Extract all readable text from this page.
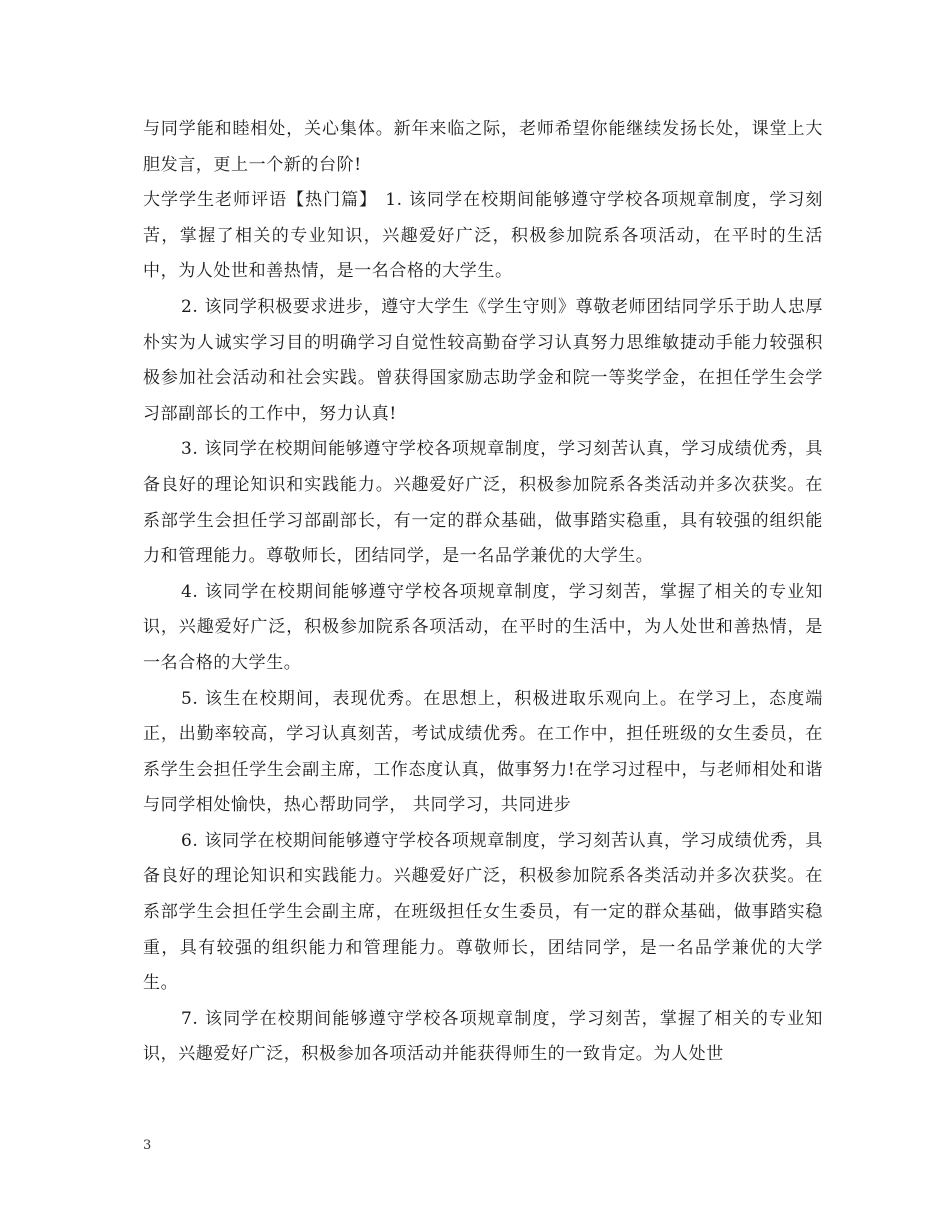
与同学能和睦相处，关心集体。新年来临之际，老师希望你能继续发扬长处，课堂上大胆发言，更上一个新的台阶!

大学学生老师评语【热门篇】 1. 该同学在校期间能够遵守学校各项规章制度，学习刻苦，掌握了相关的专业知识，兴趣爱好广泛，积极参加院系各项活动，在平时的生活中，为人处世和善热情，是一名合格的大学生。

2. 该同学积极要求进步，遵守大学生《学生守则》尊敬老师团结同学乐于助人忠厚朴实为人诚实学习目的明确学习自觉性较高勤奋学习认真努力思维敏捷动手能力较强积极参加社会活动和社会实践。曾获得国家励志助学金和院一等奖学金，在担任学生会学习部副部长的工作中，努力认真!

3. 该同学在校期间能够遵守学校各项规章制度，学习刻苦认真，学习成绩优秀，具备良好的理论知识和实践能力。兴趣爱好广泛，积极参加院系各类活动并多次获奖。在系部学生会担任学习部副部长，有一定的群众基础，做事踏实稳重，具有较强的组织能力和管理能力。尊敬师长，团结同学，是一名品学兼优的大学生。

4. 该同学在校期间能够遵守学校各项规章制度，学习刻苦，掌握了相关的专业知识，兴趣爱好广泛，积极参加院系各项活动，在平时的生活中，为人处世和善热情，是一名合格的大学生。

5. 该生在校期间，表现优秀。在思想上，积极进取乐观向上。在学习上，态度端正，出勤率较高，学习认真刻苦，考试成绩优秀。在工作中，担任班级的女生委员，在系学生会担任学生会副主席，工作态度认真，做事努力!在学习过程中，与老师相处和谐与同学相处愉快，热心帮助同学， 共同学习，共同进步

6. 该同学在校期间能够遵守学校各项规章制度，学习刻苦认真，学习成绩优秀，具备良好的理论知识和实践能力。兴趣爱好广泛，积极参加院系各类活动并多次获奖。在系部学生会担任学生会副主席，在班级担任女生委员，有一定的群众基础，做事踏实稳重，具有较强的组织能力和管理能力。尊敬师长，团结同学，是一名品学兼优的大学生。

7. 该同学在校期间能够遵守学校各项规章制度，学习刻苦，掌握了相关的专业知识，兴趣爱好广泛，积极参加各项活动并能获得师生的一致肯定。为人处世

3
